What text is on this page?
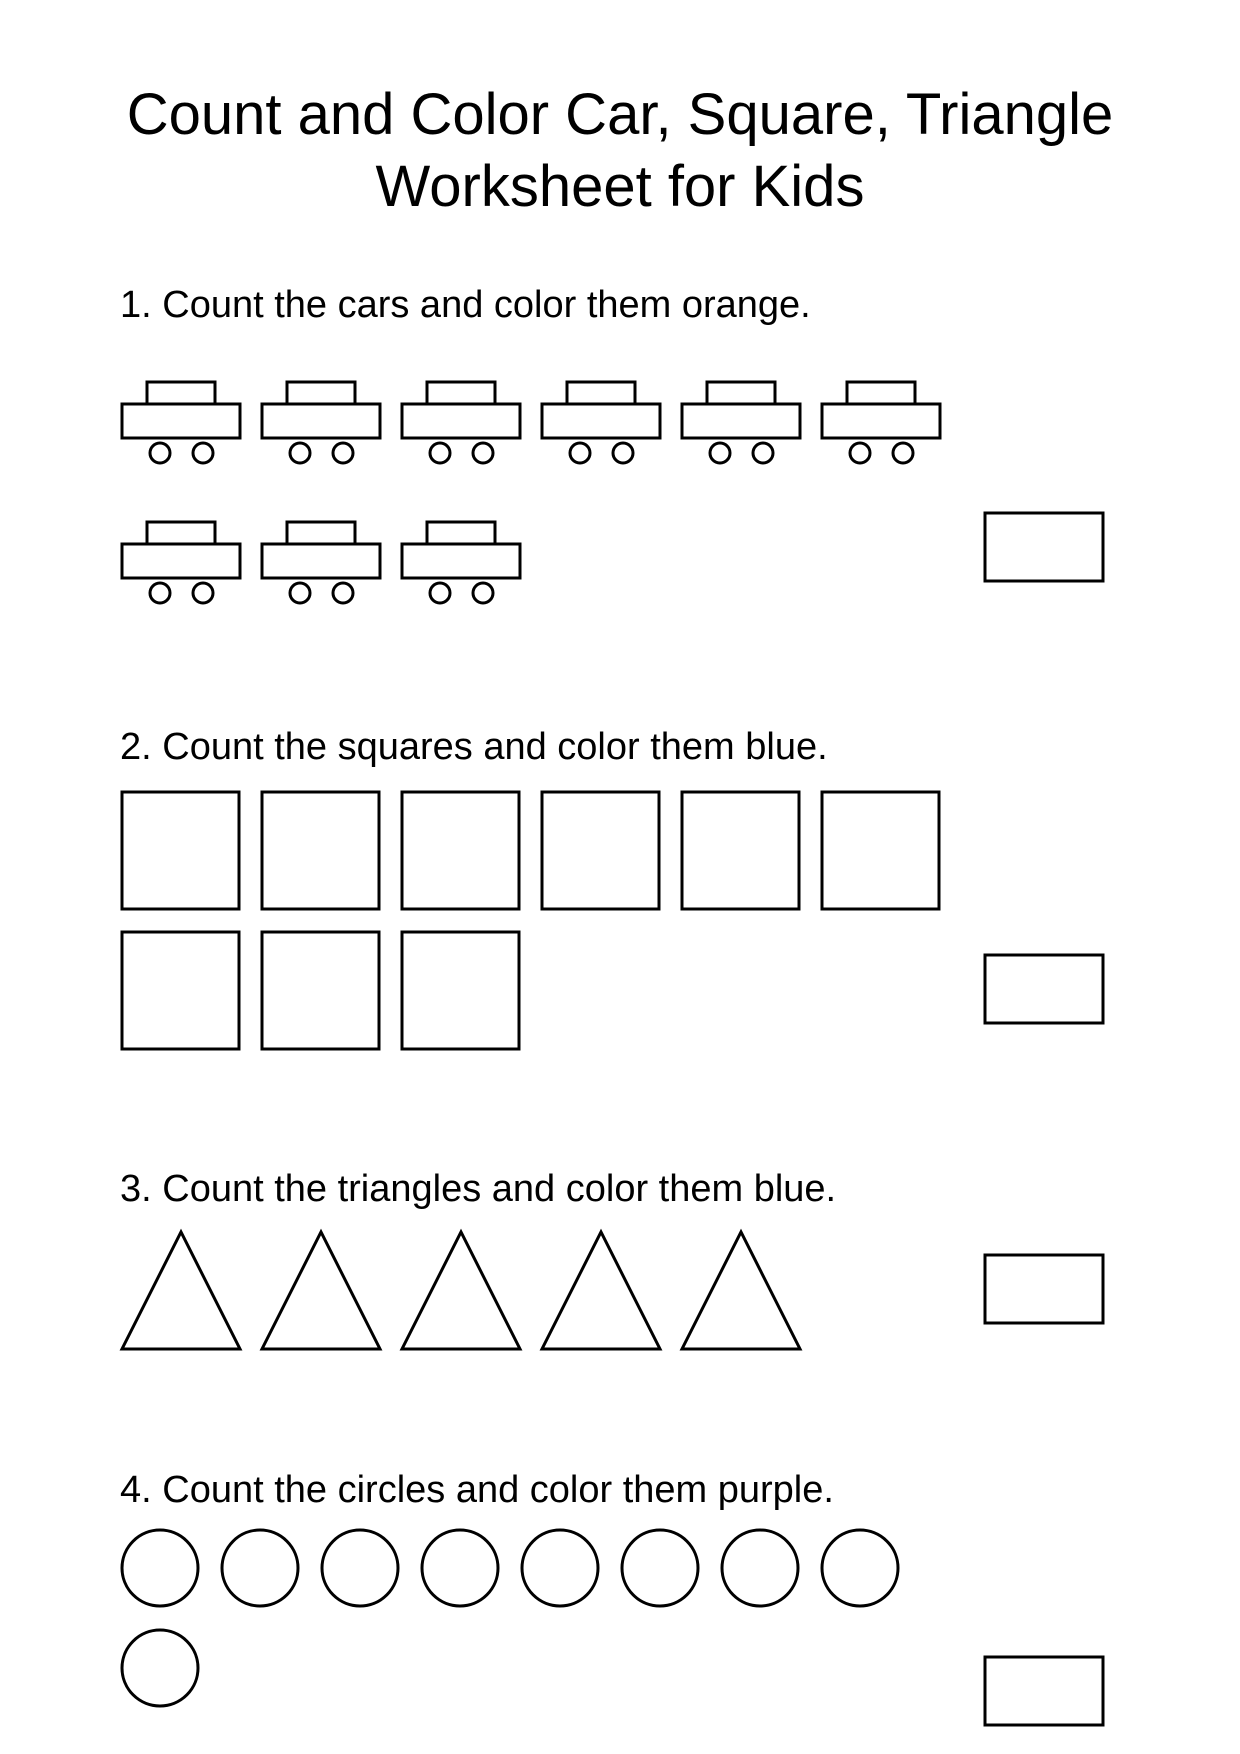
Count and Color Car, Square, Triangle
Worksheet for Kids
1. Count the cars and color them orange.
2. Count the squares and color them blue.
3. Count the triangles and color them blue.
4. Count the circles and color them purple.
